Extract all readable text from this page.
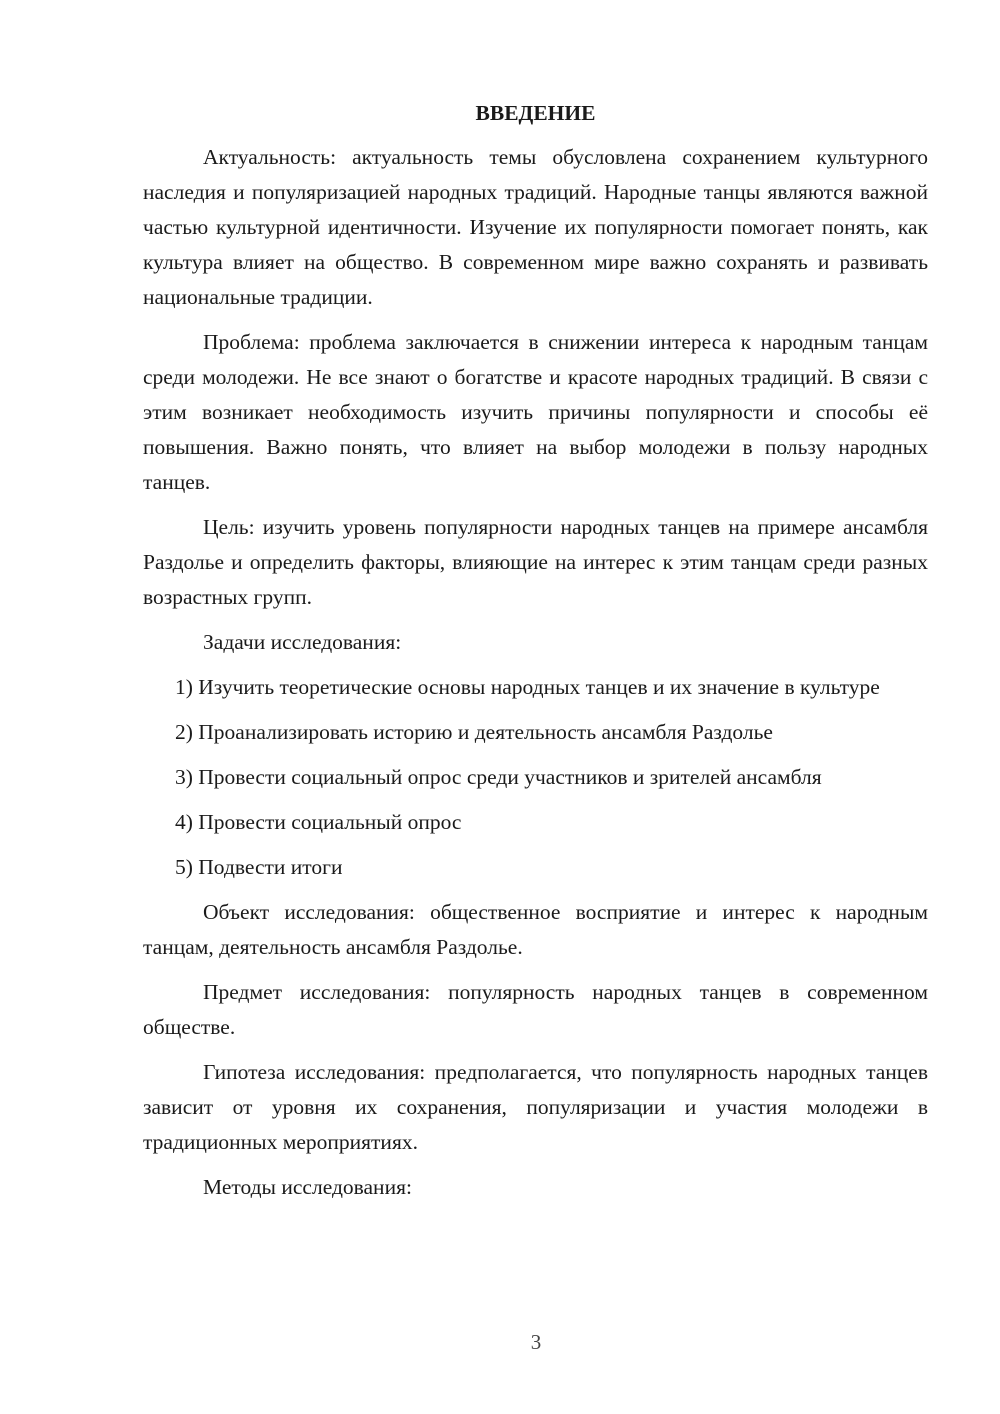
ВВЕДЕНИЕ

Актуальность: актуальность темы обусловлена сохранением культурного наследия и популяризацией народных традиций. Народные танцы являются важной частью культурной идентичности. Изучение их популярности помогает понять, как культура влияет на общество. В современном мире важно сохранять и развивать национальные традиции.

Проблема: проблема заключается в снижении интереса к народным танцам среди молодежи. Не все знают о богатстве и красоте народных традиций. В связи с этим возникает необходимость изучить причины популярности и способы её повышения. Важно понять, что влияет на выбор молодежи в пользу народных танцев.

Цель: изучить уровень популярности народных танцев на примере ансамбля Раздолье и определить факторы, влияющие на интерес к этим танцам среди разных возрастных групп.

Задачи исследования:

1) Изучить теоретические основы народных танцев и их значение в культуре

2) Проанализировать историю и деятельность ансамбля Раздолье

3) Провести социальный опрос среди участников и зрителей ансамбля

4) Провести социальный опрос

5) Подвести итоги

Объект исследования: общественное восприятие и интерес к народным танцам, деятельность ансамбля Раздолье.

Предмет исследования: популярность народных танцев в современном обществе.

Гипотеза исследования: предполагается, что популярность народных танцев зависит от уровня их сохранения, популяризации и участия молодежи в традиционных мероприятиях.

Методы исследования:

3
